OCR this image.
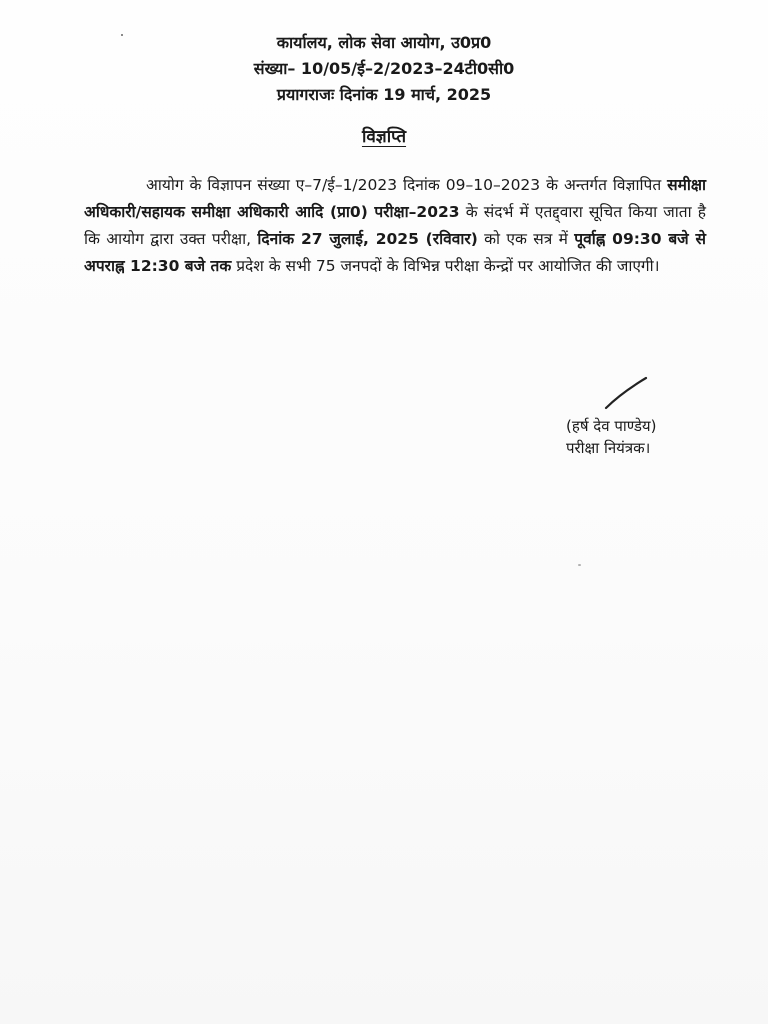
कार्यालय, लोक सेवा आयोग, उ0प्र0
संख्या– 10/05/ई–2/2023–24टी0सी0
प्रयागराजः दिनांक 19 मार्च, 2025
विज्ञप्ति
आयोग के विज्ञापन संख्या ए–7/ई–1/2023 दिनांक 09–10–2023 के अन्तर्गत विज्ञापित समीक्षा अधिकारी/सहायक समीक्षा अधिकारी आदि (प्रा0) परीक्षा–2023 के संदर्भ में एतद्द्वारा सूचित किया जाता है कि आयोग द्वारा उक्त परीक्षा, दिनांक 27 जुलाई, 2025 (रविवार) को एक सत्र में पूर्वाह्न 09:30 बजे से अपराह्न 12:30 बजे तक प्रदेश के सभी 75 जनपदों के विभिन्न परीक्षा केन्द्रों पर आयोजित की जाएगी।
(हर्ष देव पाण्डेय)
परीक्षा नियंत्रक।
